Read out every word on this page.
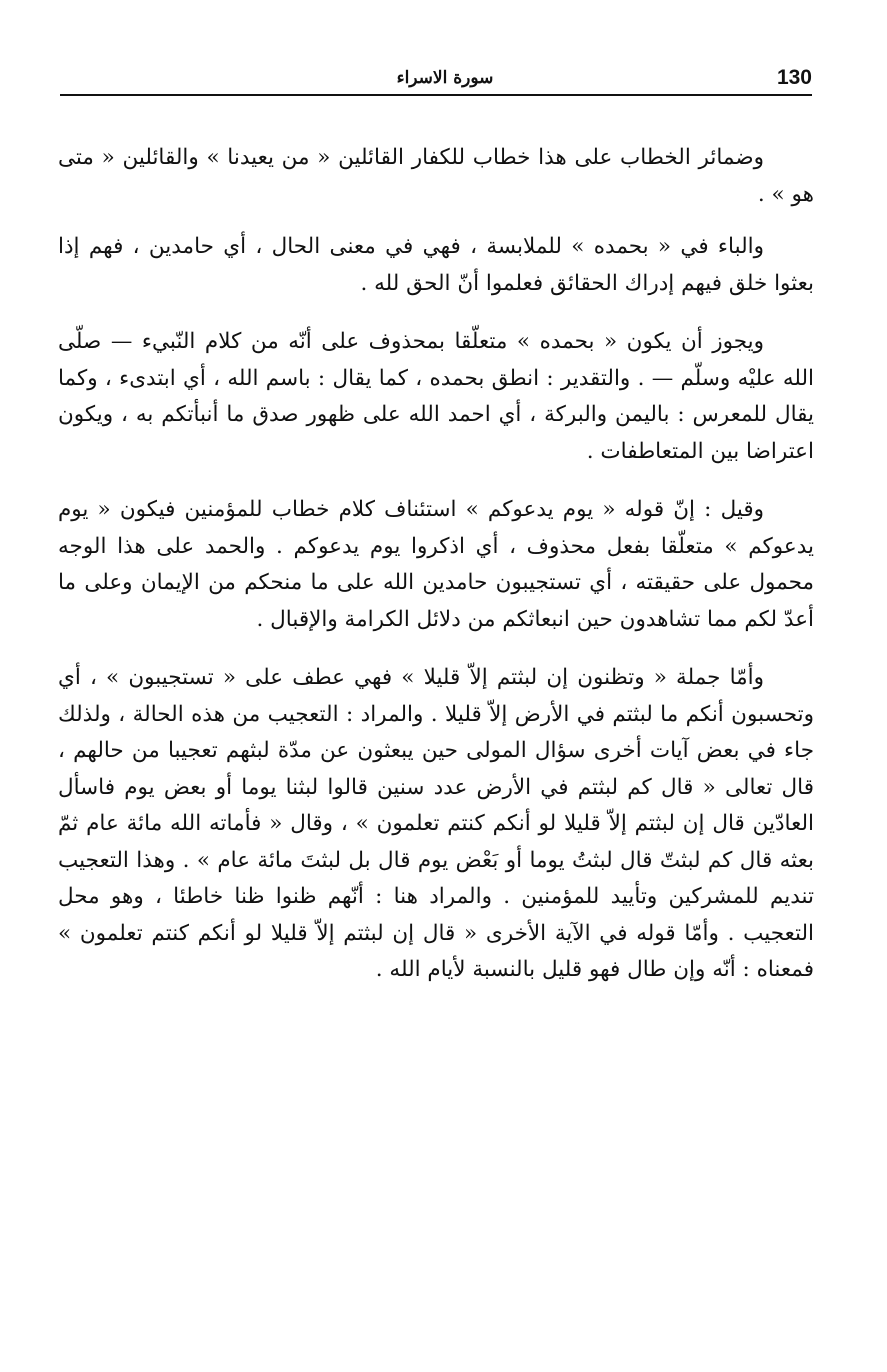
130
سورة الاسراء

وضمائر الخطاب على هذا خطاب للكفار القائلين « من يعيدنا » والقائلين « متى هو » .

والباء في « بحمده » للملابسة ، فهي في معنى الحال ، أي حامدين ، فهم إذا بعثوا خلق فيهم إدراك الحقائق فعلموا أنّ الحق لله .

ويجوز أن يكون « بحمده » متعلّقا بمحذوف على أنّه من كلام النّبيء — صلّى الله عليْه وسلّم — . والتقدير : انطق بحمده ، كما يقال : باسم الله ، أي ابتدىء ، وكما يقال للمعرس : باليمن والبركة ، أي احمد الله على ظهور صدق ما أنبأتكم به ، ويكون اعتراضا بين المتعاطفات .

وقيل : إنّ قوله « يوم يدعوكم » استئناف كلام خطاب للمؤمنين فيكون « يوم يدعوكم » متعلّقا بفعل محذوف ، أي اذكروا يوم يدعوكم . والحمد على هذا الوجه محمول على حقيقته ، أي تستجيبون حامدين الله على ما منحكم من الإيمان وعلى ما أعدّ لكم مما تشاهدون حين انبعاثكم من دلائل الكرامة والإقبال .

وأمّا جملة « وتظنون إن لبثتم إلاّ قليلا » فهي عطف على « تستجيبون » ، أي وتحسبون أنكم ما لبثتم في الأرض إلاّ قليلا . والمراد : التعجيب من هذه الحالة ، ولذلك جاء في بعض آيات أخرى سؤال المولى حين يبعثون عن مدّة لبثهم تعجيبا من حالهم ، قال تعالى « قال كم لبثتم في الأرض عدد سنين قالوا لبثنا يوما أو بعض يوم فاسأل العادّين قال إن لبثتم إلاّ قليلا لو أنكم كنتم تعلمون » ، وقال « فأماته الله مائة عام ثمّ بعثه قال كم لبثتّ قال لبثتُ يوما أو بَعْض يوم قال بل لبثتَ مائة عام » . وهذا التعجيب تنديم للمشركين وتأييد للمؤمنين . والمراد هنا : أنّهم ظنوا ظنا خاطئا ، وهو محل التعجيب . وأمّا قوله في الآية الأخرى « قال إن لبثتم إلاّ قليلا لو أنكم كنتم تعلمون » فمعناه : أنّه وإن طال فهو قليل بالنسبة لأيام الله .
